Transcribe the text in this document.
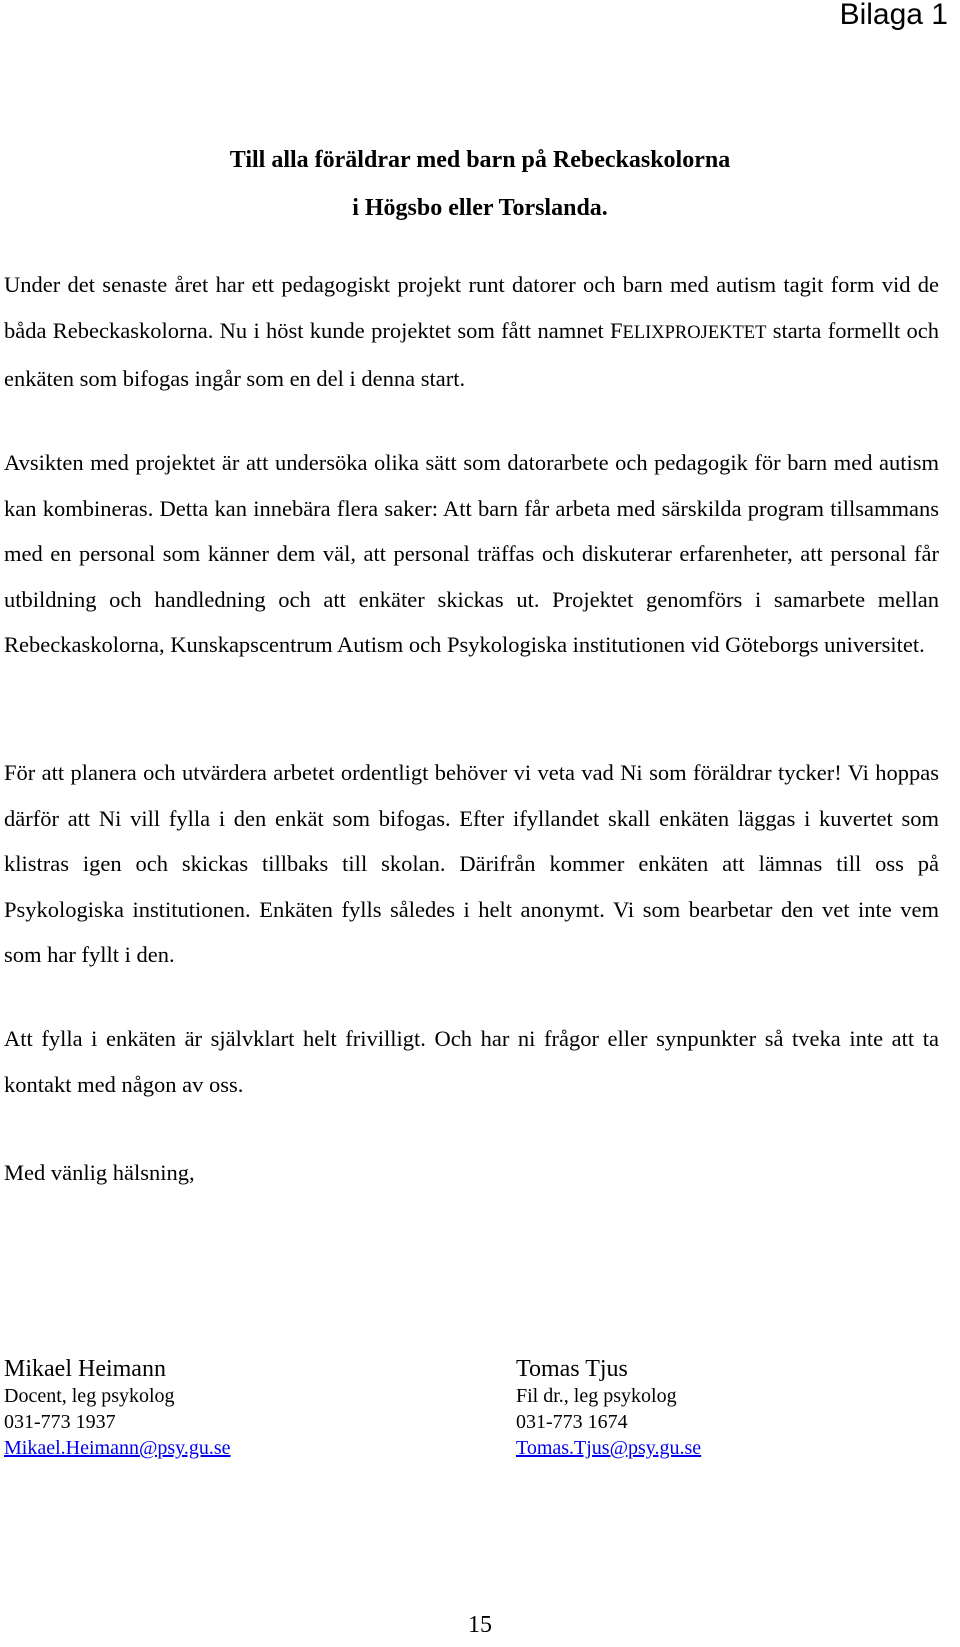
Bilaga 1
Till alla föräldrar med barn på Rebeckaskolorna
i Högsbo eller Torslanda.
Under det senaste året har ett pedagogiskt projekt runt datorer och barn med autism tagit form vid de båda Rebeckaskolorna. Nu i höst kunde projektet som fått namnet FELIXPROJEKTET starta formellt och enkäten som bifogas ingår som en del i denna start.
Avsikten med projektet är att undersöka olika sätt som datorarbete och pedagogik för barn med autism kan kombineras. Detta kan innebära flera saker: Att barn får arbeta med särskilda program tillsammans med en personal som känner dem väl, att personal träffas och diskuterar erfarenheter, att personal får utbildning och handledning och att enkäter skickas ut. Projektet genomförs i samarbete mellan Rebeckaskolorna, Kunskapscentrum Autism och Psykologiska institutionen vid Göteborgs universitet.
För att planera och utvärdera arbetet ordentligt behöver vi veta vad Ni som föräldrar tycker! Vi hoppas därför att Ni vill fylla i den enkät som bifogas. Efter ifyllandet skall enkäten läggas i kuvertet som klistras igen och skickas tillbaks till skolan. Därifrån kommer enkäten att lämnas till oss på Psykologiska institutionen. Enkäten fylls således i helt anonymt. Vi som bearbetar den vet inte vem som har fyllt i den.
Att fylla i enkäten är självklart helt frivilligt. Och har ni frågor eller synpunkter så tveka inte att ta kontakt med någon av oss.
Med vänlig hälsning,
Mikael Heimann
Docent, leg psykolog
031-773 1937
Mikael.Heimann@psy.gu.se
Tomas Tjus
Fil dr., leg psykolog
031-773 1674
Tomas.Tjus@psy.gu.se
15
